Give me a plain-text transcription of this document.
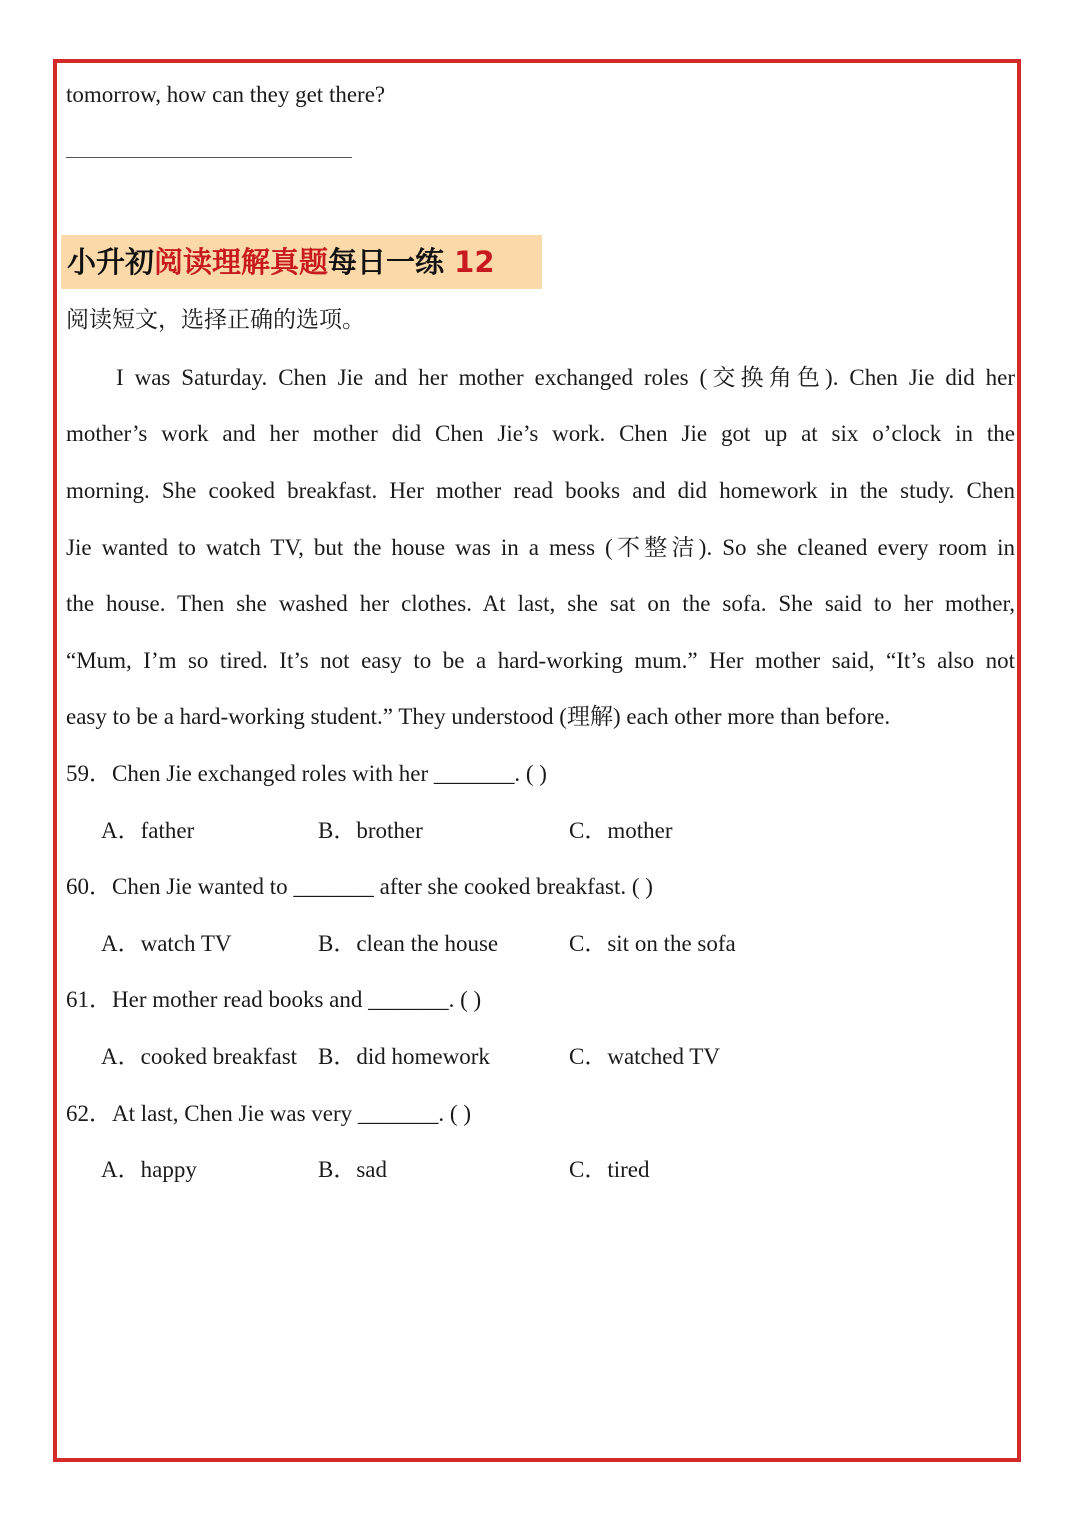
tomorrow, how can they get there?
小升初阅读理解真题每日一练 12
阅读短文，选择正确的选项。
I was Saturday. Chen Jie and her mother exchanged roles (交换角色). Chen Jie did her
mother’s work and her mother did Chen Jie’s work. Chen Jie got up at six o’clock in the
morning. She cooked breakfast. Her mother read books and did homework in the study. Chen
Jie wanted to watch TV, but the house was in a mess (不整洁). So she cleaned every room in
the house. Then she washed her clothes. At last, she sat on the sofa. She said to her mother,
“Mum, I’m so tired. It’s not easy to be a hard-working mum.” Her mother said, “It’s also not
easy to be a hard-working student.” They understood (理解) each other more than before.
59．Chen Jie exchanged roles with her _______. ( )
A．father	B．brother	C．mother
60．Chen Jie wanted to _______ after she cooked breakfast. ( )
A．watch TV	B．clean the house	C．sit on the sofa
61．Her mother read books and _______. ( )
A．cooked breakfast B．did homework	C．watched TV
62．At last, Chen Jie was very _______. ( )
A．happy	B．sad	C．tired
